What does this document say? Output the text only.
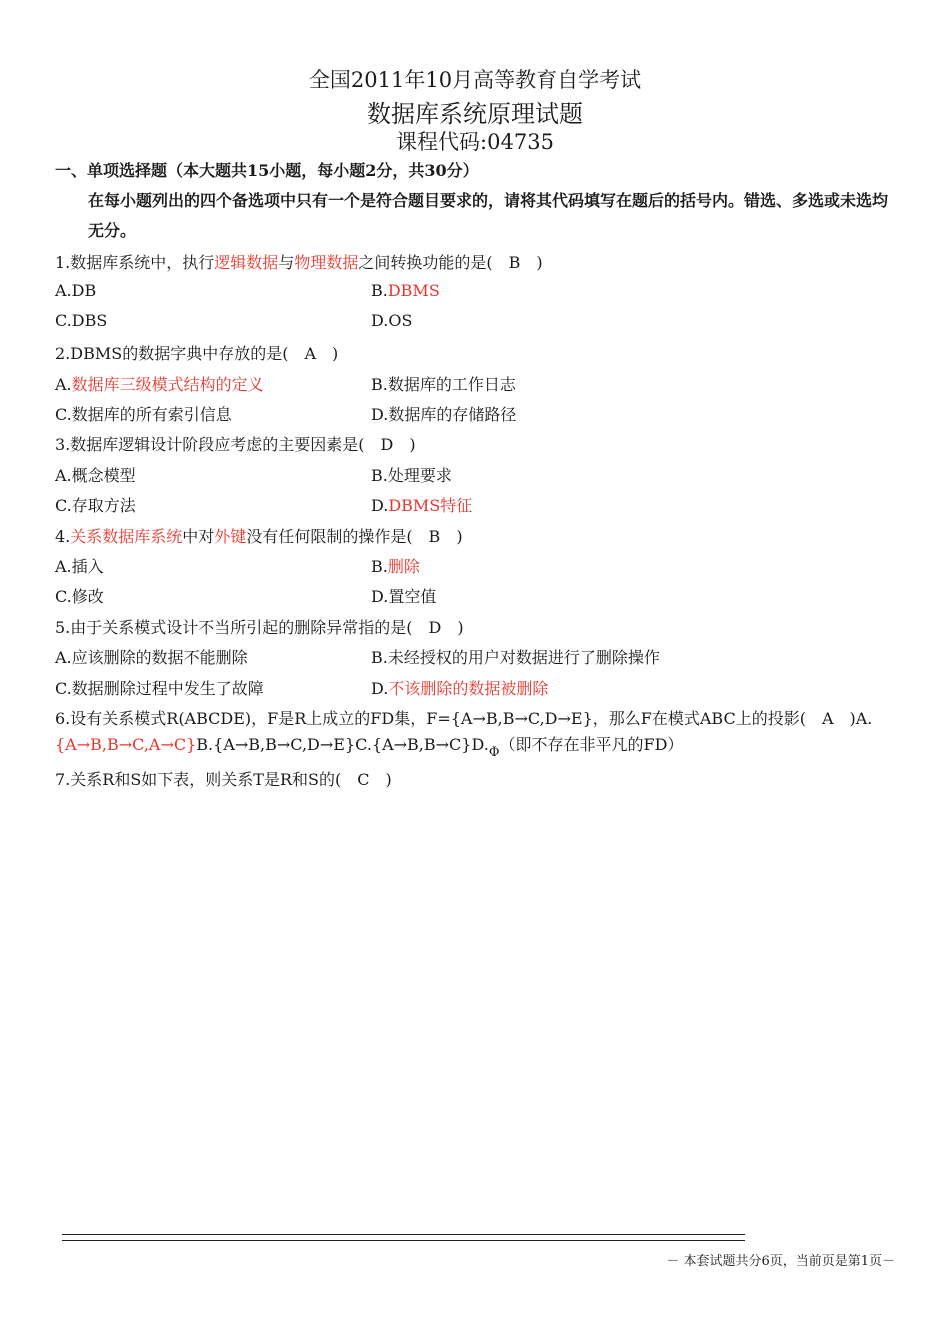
全国2011年10月高等教育自学考试
数据库系统原理试题
课程代码:04735
一、单项选择题（本大题共15小题，每小题2分，共30分）
在每小题列出的四个备选项中只有一个是符合题目要求的，请将其代码填写在题后的括号内。错选、多选或未选均无分。
1.数据库系统中，执行逻辑数据与物理数据之间转换功能的是(　B　)
A.DB	B.DBMS
C.DBS	D.OS
2.DBMS的数据字典中存放的是(　A　)
A.数据库三级模式结构的定义	B.数据库的工作日志
C.数据库的所有索引信息	D.数据库的存储路径
3.数据库逻辑设计阶段应考虑的主要因素是(　D　)
A.概念模型	B.处理要求
C.存取方法	D.DBMS特征
4.关系数据库系统中对外键没有任何限制的操作是(　B　)
A.插入	B.删除
C.修改	D.置空值
5.由于关系模式设计不当所引起的删除异常指的是(　D　)
A.应该删除的数据不能删除	B.未经授权的用户对数据进行了删除操作
C.数据删除过程中发生了故障	D.不该删除的数据被删除
6.设有关系模式R(ABCDE)，F是R上成立的FD集，F={A→B,B→C,D→E}，那么F在模式ABC上的投影(　A　)$A.\{A\to B,B\to C,A\to C\}B.\{A\to B,B\to C,D\to E\}C.\{A\to B,B\to C\}D._\Phi$（即不存在非平凡的FD）
7.关系R和S如下表，则关系T是R和S的(　C　)
－ 本套试题共分6页，当前页是第1页－
